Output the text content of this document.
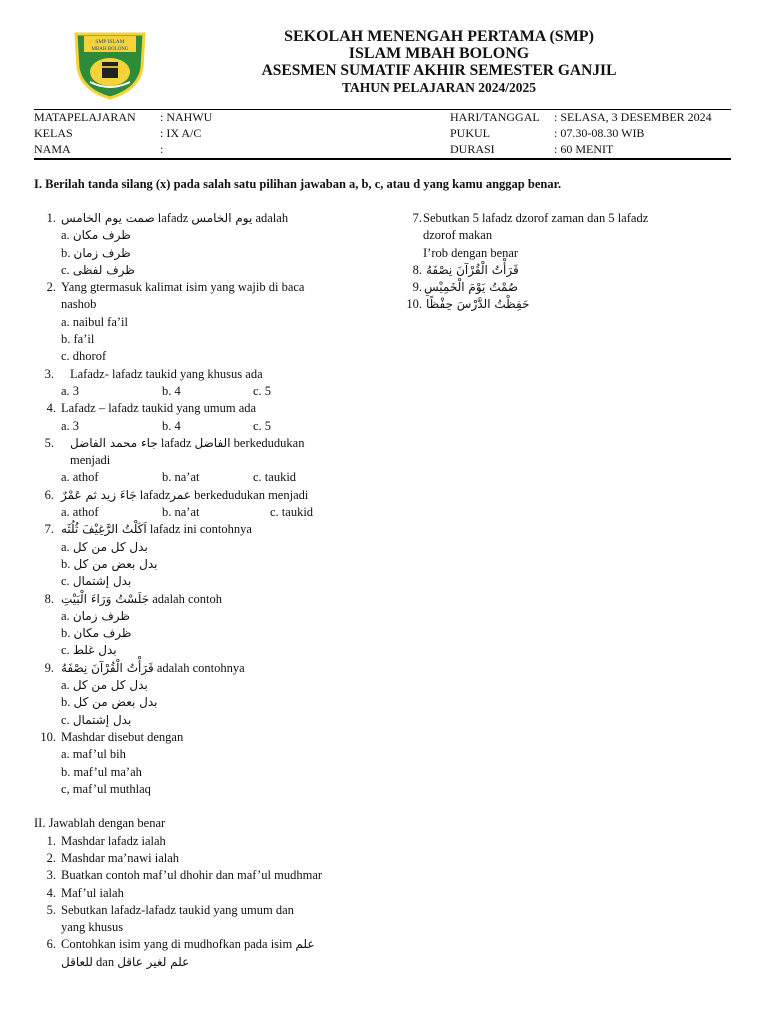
SMP ISLAM
MBAH BOLONG
SEKOLAH MENENGAH PERTAMA (SMP)
ISLAM MBAH BOLONG
ASESMEN SUMATIF AKHIR SEMESTER GANJIL
TAHUN PELAJARAN 2024/2025
MATAPELAJARAN : NAHWU	HARI/TANGGAL : SELASA, 3 DESEMBER 2024
KELAS	: IX A/C	PUKUL	: 07.30-08.30 WIB
NAMA	:	DURASI	: 60 MENIT
I. Berilah tanda silang (x) pada salah satu pilihan jawaban a, b, c, atau d yang kamu anggap benar.
1. صمت يوم الخامس lafadz يوم الخامس adalah
a. ظرف مكان
b. ظرف زمان
c. ظرف لفظى
2. Yang gtermasuk kalimat isim yang wajib di baca
nashob
a. naibul fa’il
b. fa’il
c. dhorof
3. Lafadz- lafadz taukid yang khusus ada
a. 3	b. 4	c. 5
4. Lafadz – lafadz taukid yang umum ada
a. 3	b. 4	c. 5
5. جاء محمد الفاضل lafadz الفاضل berkedudukan
menjadi
a. athof	b. na’at	c. taukid
6. جَاءَ زيد ثم عَمْرٌ lafadzعمر berkedudukan menjadi
a. athof	b. na’at	c. taukid
7. اَكَلْتُ الرَّغِيْفَ ثُلُثَه lafadz ini contohnya
a. بدل كل من كل
b. بدل بعض من كل
c. بدل إشتمال
8. جَلَسْتُ وَرَاءَ الْبَيْتِ adalah contoh
a. ظرف زمان
b. ظرف مكان
c. بدل غلط
9. قَرَأْتُ الْقُرْآنَ نِصْفَهُ adalah contohnya
a. بدل كل من كل
b. بدل بعض من كل
c. بدل إشتمال
10. Mashdar disebut dengan
a. maf’ul bih
b. maf’ul ma’ah
c, maf’ul muthlaq
II. Jawablah dengan benar
1. Mashdar lafadz ialah
2. Mashdar ma’nawi ialah
3. Buatkan contoh maf’ul dhohir dan maf’ul mudhmar
4. Maf’ul ialah
5. Sebutkan lafadz-lafadz taukid yang umum dan
yang khusus
6. Contohkan isim yang di mudhofkan pada isim علم
للعاقل dan علم لغير عاقل
7. Sebutkan 5 lafadz dzorof zaman dan 5 lafadz
dzorof makan
I’rob dengan benar
8. قَرَأْتُ الْقُرْآنَ نِصْفَهُ
9. صُمْتُ يَوْمَ الْخَمِيْسِ
10. حَفِظْتُ الدَّرْسَ حِفْظًا
